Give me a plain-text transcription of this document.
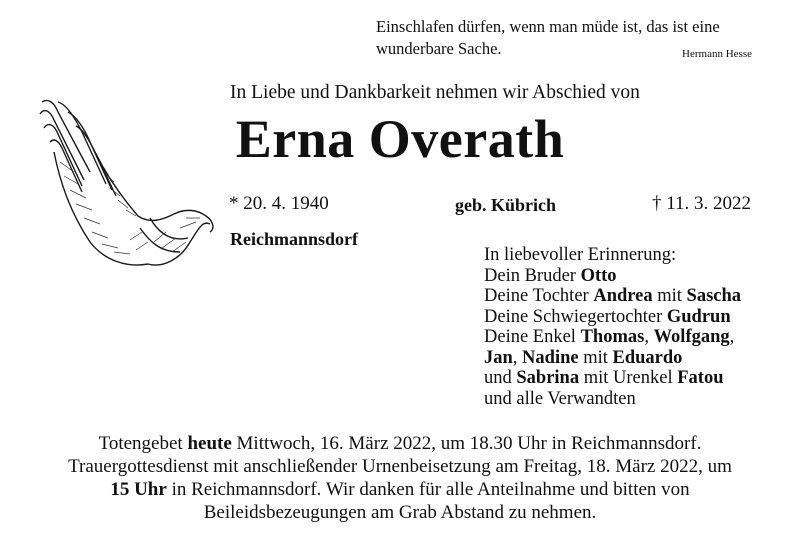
Einschlafen dürfen, wenn man müde ist, das ist eine
wunderbare Sache.	Hermann Hesse
In Liebe und Dankbarkeit nehmen wir Abschied von
Erna Overath
* 20. 4. 1940	geb. Kübrich	† 11. 3. 2022
Reichmannsdorf
In liebevoller Erinnerung:
Dein Bruder Otto
Deine Tochter Andrea mit Sascha
Deine Schwiegertochter Gudrun
Deine Enkel Thomas, Wolfgang,
Jan, Nadine mit Eduardo
und Sabrina mit Urenkel Fatou
und alle Verwandten
Totengebet heute Mittwoch, 16. März 2022, um 18.30 Uhr in Reichmannsdorf.
Trauergottesdienst mit anschließender Urnenbeisetzung am Freitag, 18. März 2022, um
15 Uhr in Reichmannsdorf. Wir danken für alle Anteilnahme und bitten von
Beileidsbezeugungen am Grab Abstand zu nehmen.
